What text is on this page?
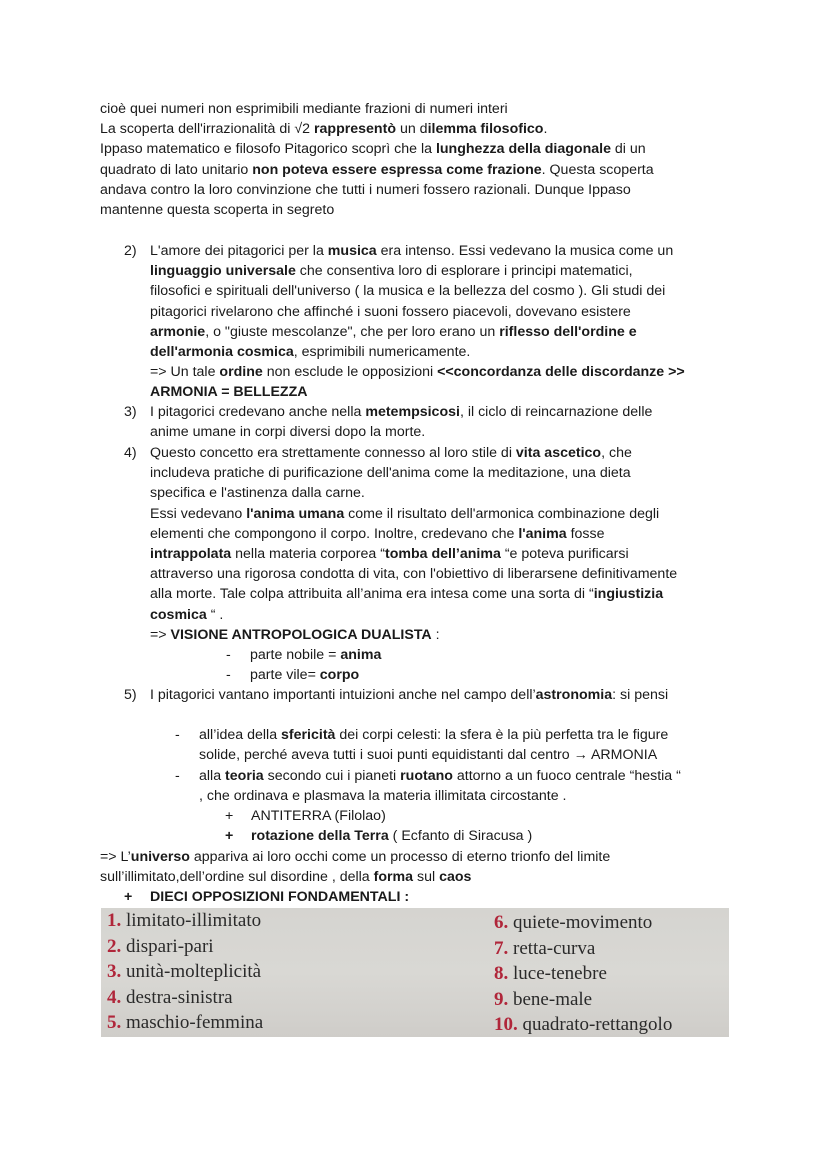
cioè quei numeri non esprimibili mediante frazioni di numeri interi
La scoperta dell'irrazionalità di √2 rappresentò un dilemma filosofico.
Ippaso matematico e filosofo Pitagorico scoprì che la lunghezza della diagonale di un
quadrato di lato unitario non poteva essere espressa come frazione. Questa scoperta
andava contro la loro convinzione che tutti i numeri fossero razionali. Dunque Ippaso
mantenne questa scoperta in segreto
2) L'amore dei pitagorici per la musica era intenso. Essi vedevano la musica come un
linguaggio universale che consentiva loro di esplorare i principi matematici,
filosofici e spirituali dell'universo ( la musica e la bellezza del cosmo ). Gli studi dei
pitagorici rivelarono che affinché i suoni fossero piacevoli, dovevano esistere
armonie, o "giuste mescolanze", che per loro erano un riflesso dell'ordine e
dell'armonia cosmica, esprimibili numericamente.
=> Un tale ordine non esclude le opposizioni <<concordanza delle discordanze >>
ARMONIA = BELLEZZA
3) I pitagorici credevano anche nella metempsicosi, il ciclo di reincarnazione delle
anime umane in corpi diversi dopo la morte.
4) Questo concetto era strettamente connesso al loro stile di vita ascetico, che
includeva pratiche di purificazione dell'anima come la meditazione, una dieta
specifica e l'astinenza dalla carne.
Essi vedevano l'anima umana come il risultato dell'armonica combinazione degli
elementi che compongono il corpo. Inoltre, credevano che l'anima fosse
intrappolata nella materia corporea “tomba dell’anima “e poteva purificarsi
attraverso una rigorosa condotta di vita, con l'obiettivo di liberarsene definitivamente
alla morte. Tale colpa attribuita all’anima era intesa come una sorta di “ingiustizia
cosmica “ .
=> VISIONE ANTROPOLOGICA DUALISTA :
- parte nobile = anima
- parte vile= corpo
5) I pitagorici vantano importanti intuizioni anche nel campo dell’astronomia: si pensi
- all’idea della sfericità dei corpi celesti: la sfera è la più perfetta tra le figure
solide, perché aveva tutti i suoi punti equidistanti dal centro → ARMONIA
- alla teoria secondo cui i pianeti ruotano attorno a un fuoco centrale “hestia “
, che ordinava e plasmava la materia illimitata circostante .
+ ANTITERRA (Filolao)
+ rotazione della Terra ( Ecfanto di Siracusa )
=> L’universo appariva ai loro occhi come un processo di eterno trionfo del limite
sull’illimitato,dell’ordine sul disordine , della forma sul caos
+ DIECI OPPOSIZIONI FONDAMENTALI :
1. limitato-illimitato
2. dispari-pari
3. unità-molteplicità
4. destra-sinistra
5. maschio-femmina
6. quiete-movimento
7. retta-curva
8. luce-tenebre
9. bene-male
10. quadrato-rettangolo
